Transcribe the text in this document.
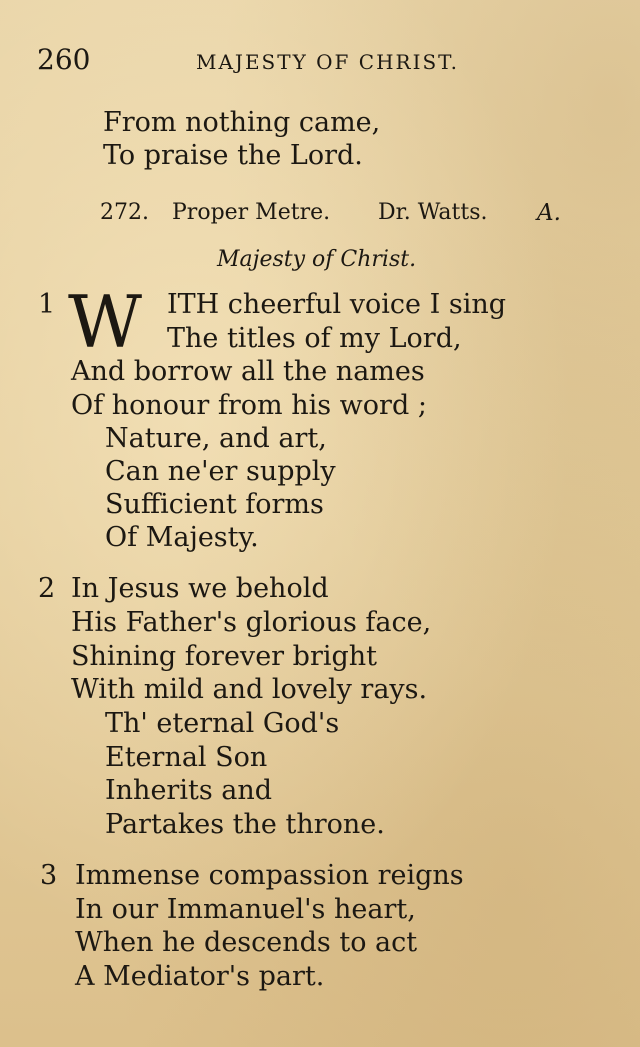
260	MAJESTY OF CHRIST.
From nothing came,
To praise the Lord.
272. Proper Metre. Dr. Watts. A.
Majesty of Christ.
1 W ITH cheerful voice I sing
The titles of my Lord,
And borrow all the names
Of honour from his word ;
Nature, and art,
Can ne'er supply
Sufficient forms
Of Majesty.
2 In Jesus we behold
His Father's glorious face,
Shining forever bright
With mild and lovely rays.
Th' eternal God's
Eternal Son
Inherits and
Partakes the throne.
3 Immense compassion reigns
In our Immanuel's heart,
When he descends to act
A Mediator's part.
